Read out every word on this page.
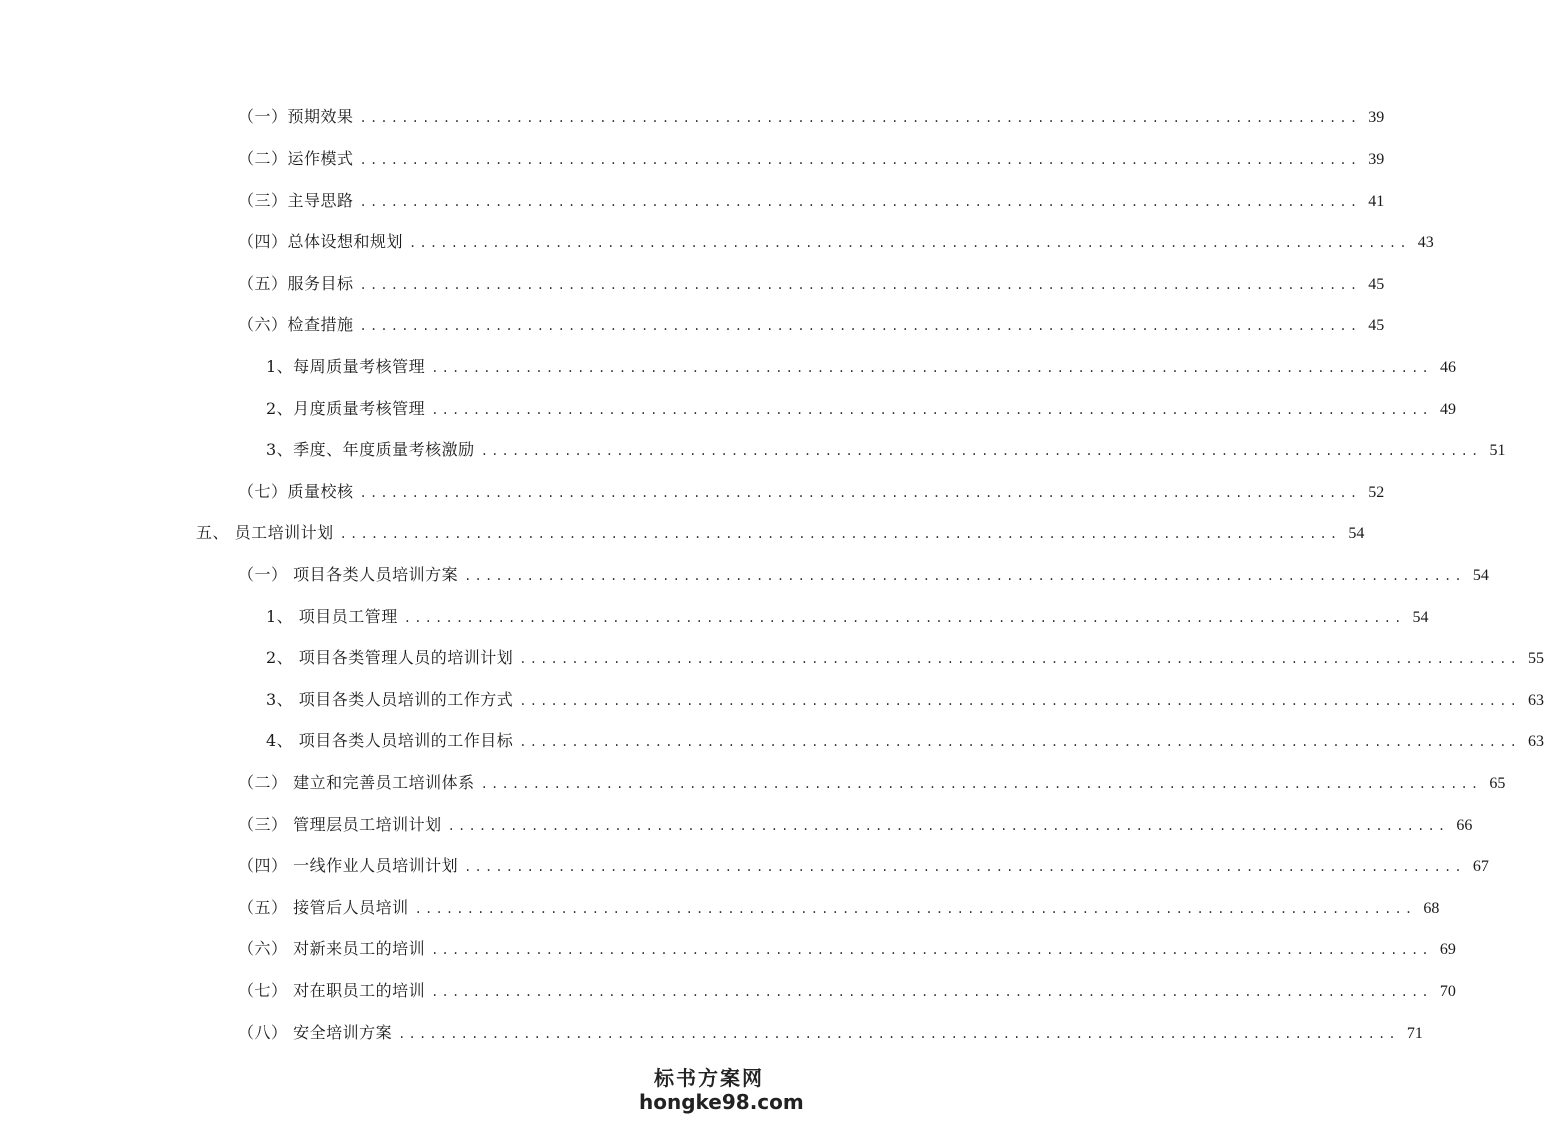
（一）预期效果 ................................................................................................ 39
（二）运作模式 ................................................................................................ 39
（三）主导思路 ................................................................................................ 41
（四）总体设想和规划 ................................................................................................ 43
（五）服务目标 ................................................................................................ 45
（六）检查措施 ................................................................................................ 45
1、每周质量考核管理 ................................................................................................ 46
2、月度质量考核管理 ................................................................................................ 49
3、季度、年度质量考核激励 ................................................................................................ 51
（七）质量校核 ................................................................................................ 52
五、 员工培训计划 ................................................................................................ 54
（一） 项目各类人员培训方案 ................................................................................................ 54
1、 项目员工管理 ................................................................................................ 54
2、 项目各类管理人员的培训计划 ................................................................................................ 55
3、 项目各类人员培训的工作方式 ................................................................................................ 63
4、 项目各类人员培训的工作目标 ................................................................................................ 63
（二） 建立和完善员工培训体系 ................................................................................................ 65
（三） 管理层员工培训计划 ................................................................................................ 66
（四） 一线作业人员培训计划 ................................................................................................ 67
（五） 接管后人员培训 ................................................................................................ 68
（六） 对新来员工的培训 ................................................................................................ 69
（七） 对在职员工的培训 ................................................................................................ 70
（八） 安全培训方案 ................................................................................................ 71
标书方案网
hongke98.com
